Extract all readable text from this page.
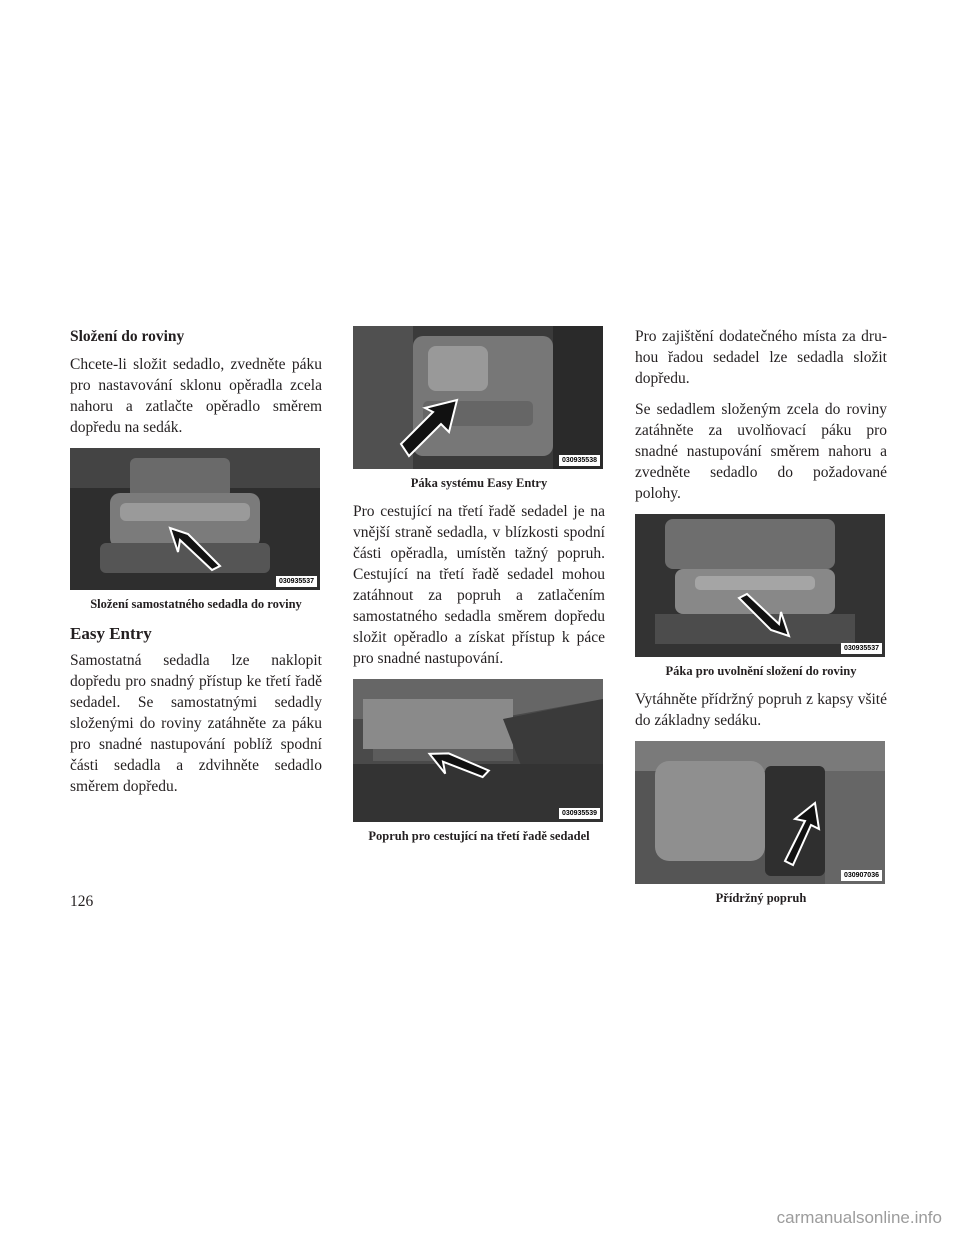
Složení do roviny

Chcete-li složit sedadlo, zvedněte páku pro nastavování sklonu opěradla zcela nahoru a zatlačte opěradlo směrem dopředu na sedák.

030935537
Složení samostatného sedadla do roviny
Easy Entry

Samostatná sedadla lze naklopit dopředu pro snadný přístup ke třetí řadě sedadel. Se samostatnými sedadly složenými do roviny zatáhněte za páku pro snadné nastupování poblíž spodní části sedadla a zdvihněte sedadlo směrem dopředu.

030935538
Páka systému Easy Entry

Pro cestující na třetí řadě sedadel je na vnější straně sedadla, v blízkosti spodní části opěradla, umístěn tažný popruh. Cestující na třetí řadě sedadel mohou zatáhnout za popruh a zatlačením samostatného sedadla směrem dopředu složit opěradlo a získat přístup k páce pro snadné nastupování.

030935539
Popruh pro cestující na třetí řadě sedadel

Pro zajištění dodatečného místa za dru- hou řadou sedadel lze sedadla složit dopředu.

Se sedadlem složeným zcela do roviny zatáhněte za uvolňovací páku pro snadné nastupování směrem nahoru a zvedněte sedadlo do požadované polohy.

030935537
Páka pro uvolnění složení do roviny

Vytáhněte přídržný popruh z kapsy všité do základny sedáku.

030907036
Přídržný popruh
126
carmanualsonline.info
